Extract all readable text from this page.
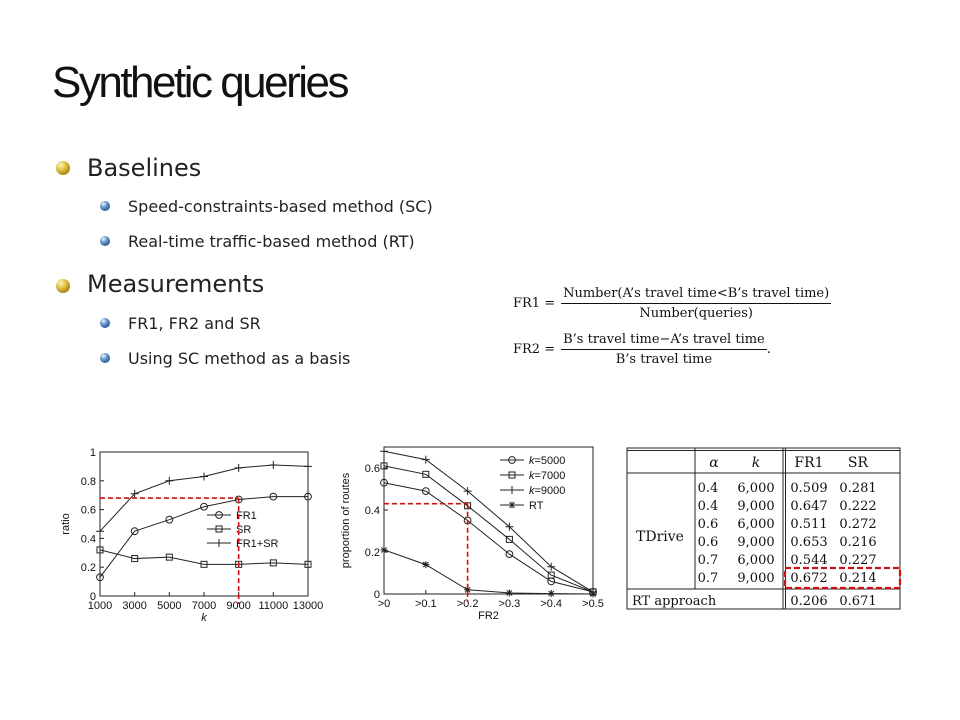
Synthetic queries
Baselines
Speed-constraints-based method (SC)
Real-time traffic-based method (RT)
Measurements
FR1, FR2 and SR
Using SC method as a basis
$FR1 = \frac{\text{Number(A’s travel time<B’s travel time)}}{\text{Number(queries)}}$
$FR2 = \frac{\text{B’s travel time−A’s travel time}}{\text{B’s travel time}}$ .
0
0.2
0.4
0.6
0.8
1
1000 3000 5000 7000 9000 11000 13000
k
ratio	FR1
SR
FR1+SR
0
0.2
0.4
0.6
>0 >0.1 >0.2 >0.3 >0.4 >0.5
FR2
proportion of routes
k=5000
k=7000
k=9000
RT
α k FR1 SR
0.4 6,000 0.509 0.281
0.4 9,000 0.647 0.222
0.6 6,000 0.511 0.272
0.6 9,000 0.653 0.216
0.7 6,000 0.544 0.227
0.7 9,000 0.672 0.214
TDrive
RT approach	0.206 0.671
